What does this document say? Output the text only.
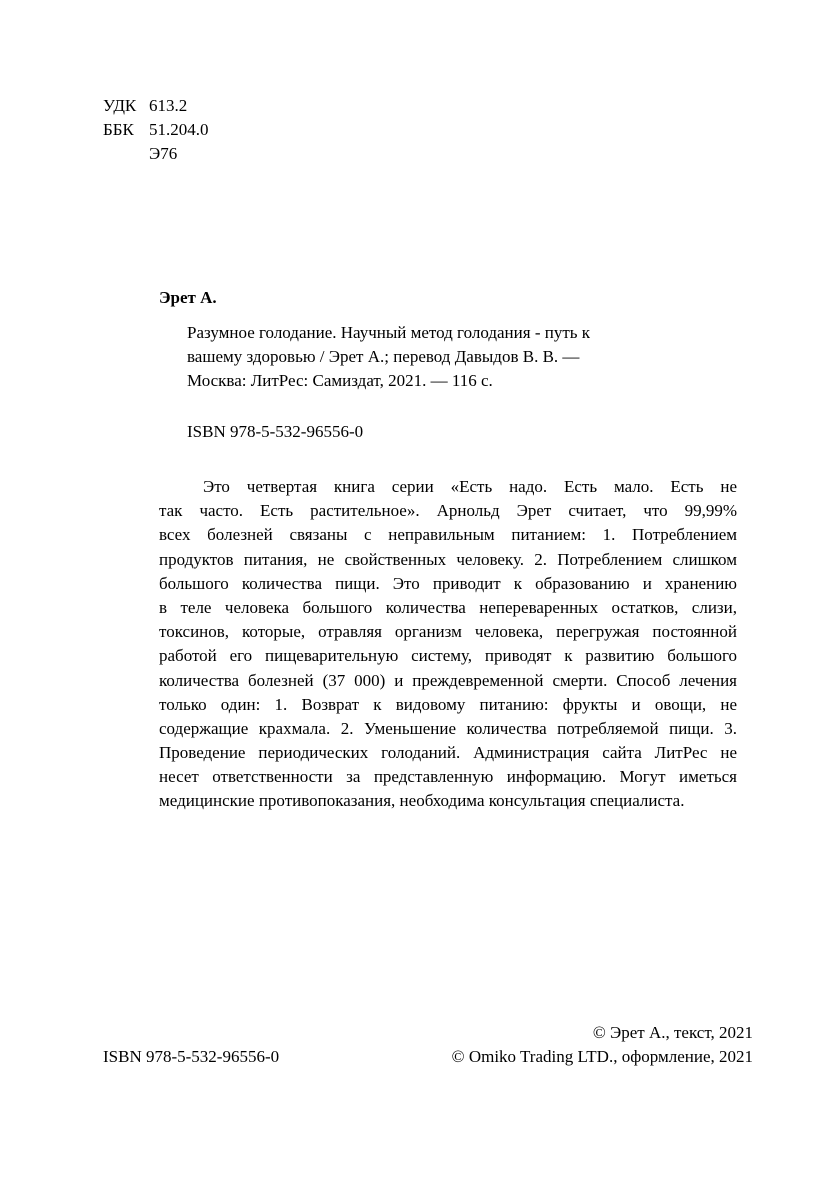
УДК 613.2
ББК 51.204.0
Э76
Эрет А.
Разумное голодание. Научный метод голодания - путь к
вашему здоровью / Эрет А.; перевод Давыдов В. В. —
Москва: ЛитРес: Самиздат, 2021. — 116 с.
ISBN 978-5-532-96556-0
Это четвертая книга серии «Есть надо. Есть мало. Есть не
так часто. Есть растительное». Арнольд Эрет считает, что 99,99%
всех болезней связаны с неправильным питанием: 1. Потреблением
продуктов питания, не свойственных человеку. 2. Потреблением слишком
большого количества пищи. Это приводит к образованию и хранению
в теле человека большого количества непереваренных остатков, слизи,
токсинов, которые, отравляя организм человека, перегружая постоянной
работой его пищеварительную систему, приводят к развитию большого
количества болезней (37 000) и преждевременной смерти. Способ лечения
только один: 1. Возврат к видовому питанию: фрукты и овощи, не
содержащие крахмала. 2. Уменьшение количества потребляемой пищи. 3.
Проведение периодических голоданий. Администрация сайта ЛитРес не
несет ответственности за представленную информацию. Могут иметься
медицинские противопоказания, необходима консультация специалиста.
ISBN 978-5-532-96556-0
© Эрет А., текст, 2021
© Omiko Trading LTD., оформление, 2021
